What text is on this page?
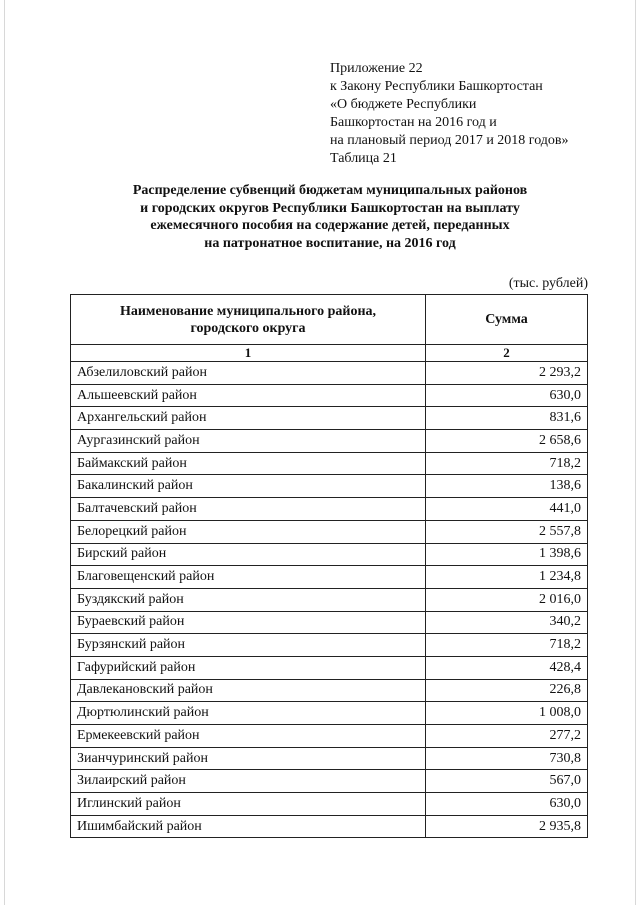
Приложение 22
к Закону Республики Башкортостан
«О бюджете Республики
Башкортостан на 2016 год и
на плановый период 2017 и 2018 годов»
Таблица 21
Распределение субвенций бюджетам муниципальных районов
и городских округов Республики Башкортостан на выплату
ежемесячного пособия на содержание детей, переданных
на патронатное воспитание, на 2016 год
(тыс. рублей)
Наименование муниципального района,
городского округа	Сумма
1	2
Абзелиловский район	2 293,2
Альшеевский район	630,0
Архангельский район	831,6
Аургазинский район	2 658,6
Баймакский район	718,2
Бакалинский район	138,6
Балтачевский район	441,0
Белорецкий район	2 557,8
Бирский район	1 398,6
Благовещенский район	1 234,8
Буздякский район	2 016,0
Бураевский район	340,2
Бурзянский район	718,2
Гафурийский район	428,4
Давлекановский район	226,8
Дюртюлинский район	1 008,0
Ермекеевский район	277,2
Зианчуринский район	730,8
Зилаирский район	567,0
Иглинский район	630,0
Ишимбайский район	2 935,8
